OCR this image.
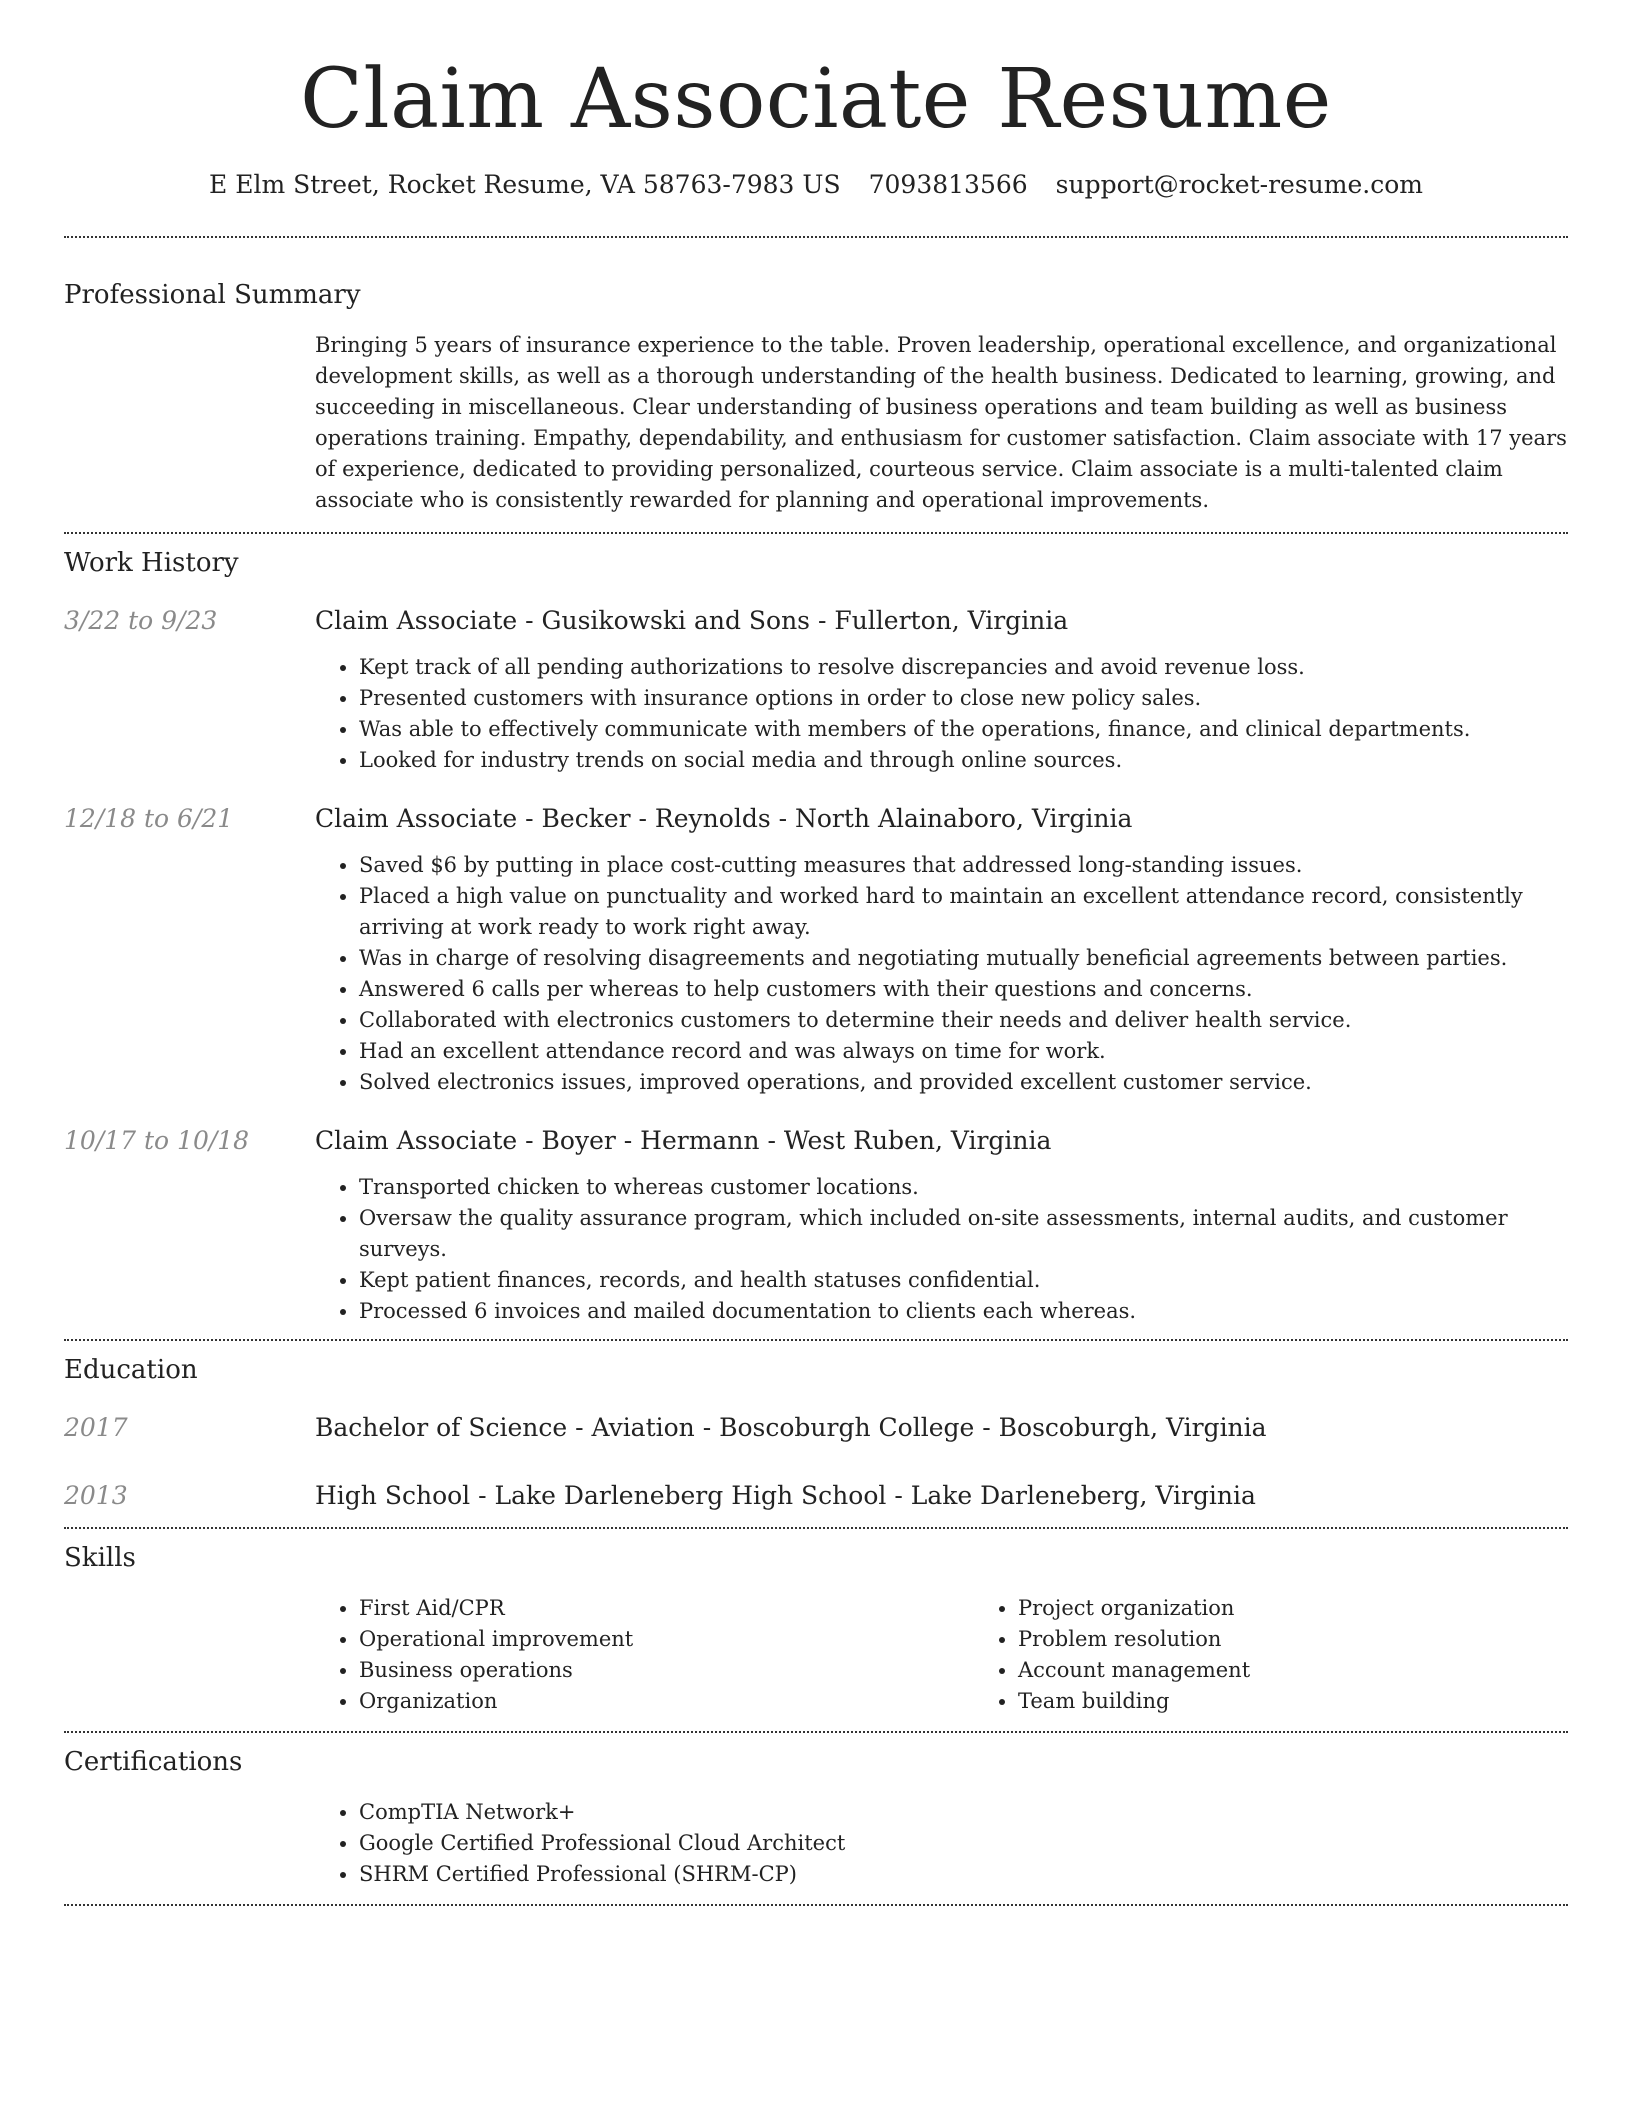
Claim Associate Resume
E Elm Street, Rocket Resume, VA 58763-7983 US 7093813566 support@rocket-resume.com
Professional Summary

Bringing 5 years of insurance experience to the table. Proven leadership, operational excellence, and organizational development skills, as well as a thorough understanding of the health business. Dedicated to learning, growing, and succeeding in miscellaneous. Clear understanding of business operations and team building as well as business operations training. Empathy, dependability, and enthusiasm for customer satisfaction. Claim associate with 17 years of experience, dedicated to providing personalized, courteous service. Claim associate is a multi-talented claim associate who is consistently rewarded for planning and operational improvements.

Work History
3/22 to 9/23	Claim Associate - Gusikowski and Sons - Fullerton, Virginia
• Kept track of all pending authorizations to resolve discrepancies and avoid revenue loss.
• Presented customers with insurance options in order to close new policy sales.
• Was able to effectively communicate with members of the operations, finance, and clinical departments.
• Looked for industry trends on social media and through online sources.
12/18 to 6/21	Claim Associate - Becker - Reynolds - North Alainaboro, Virginia
• Saved $6 by putting in place cost-cutting measures that addressed long-standing issues.
• Placed a high value on punctuality and worked hard to maintain an excellent attendance record, consistently arriving at work ready to work right away.
• Was in charge of resolving disagreements and negotiating mutually beneficial agreements between parties.
• Answered 6 calls per whereas to help customers with their questions and concerns.
• Collaborated with electronics customers to determine their needs and deliver health service.
• Had an excellent attendance record and was always on time for work.
• Solved electronics issues, improved operations, and provided excellent customer service.
10/17 to 10/18	Claim Associate - Boyer - Hermann - West Ruben, Virginia
• Transported chicken to whereas customer locations.
• Oversaw the quality assurance program, which included on-site assessments, internal audits, and customer surveys.
• Kept patient finances, records, and health statuses confidential.
• Processed 6 invoices and mailed documentation to clients each whereas.
Education
2017	Bachelor of Science - Aviation - Boscoburgh College - Boscoburgh, Virginia
2013	High School - Lake Darleneberg High School - Lake Darleneberg, Virginia
Skills
• First Aid/CPR
• Operational improvement
• Business operations
• Organization
• Project organization
• Problem resolution
• Account management
• Team building
Certifications
• CompTIA Network+
• Google Certified Professional Cloud Architect
• SHRM Certified Professional (SHRM-CP)
